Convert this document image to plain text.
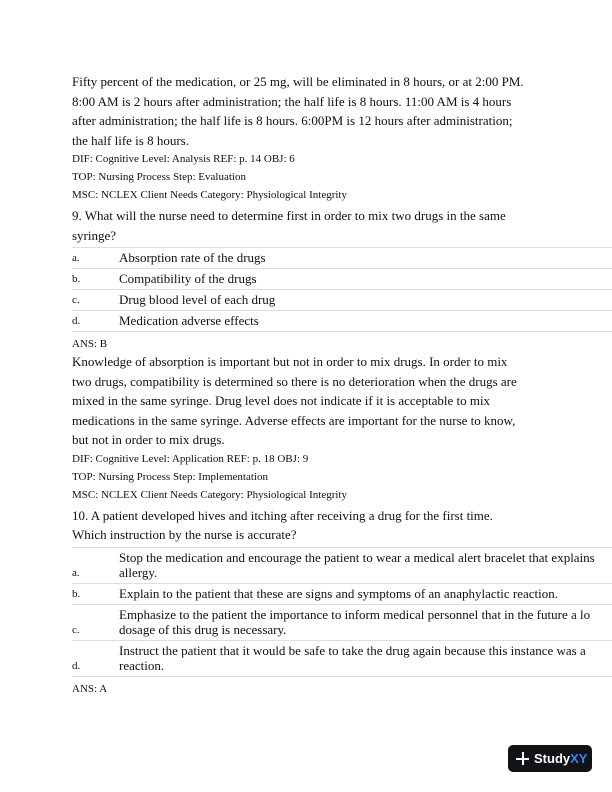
Fifty percent of the medication, or 25 mg, will be eliminated in 8 hours, or at 2:00 PM.
8:00 AM is 2 hours after administration; the half life is 8 hours. 11:00 AM is 4 hours
after administration; the half life is 8 hours. 6:00PM is 12 hours after administration;
the half life is 8 hours.

DIF: Cognitive Level: Analysis REF: p. 14 OBJ: 6
TOP: Nursing Process Step: Evaluation
MSC: NCLEX Client Needs Category: Physiological Integrity

9. What will the nurse need to determine first in order to mix two drugs in the same
syringe?

a.	Absorption rate of the drugs
b.	Compatibility of the drugs
c.	Drug blood level of each drug
d.	Medication adverse effects
ANS: B

Knowledge of absorption is important but not in order to mix drugs. In order to mix
two drugs, compatibility is determined so there is no deterioration when the drugs are
mixed in the same syringe. Drug level does not indicate if it is acceptable to mix
medications in the same syringe. Adverse effects are important for the nurse to know,
but not in order to mix drugs.

DIF: Cognitive Level: Application REF: p. 18 OBJ: 9
TOP: Nursing Process Step: Implementation
MSC: NCLEX Client Needs Category: Physiological Integrity

10. A patient developed hives and itching after receiving a drug for the first time.
Which instruction by the nurse is accurate?

a.	Stop the medication and encourage the patient to wear a medical alert bracelet that explains
allergy.
b.	Explain to the patient that these are signs and symptoms of an anaphylactic reaction.
c.	Emphasize to the patient the importance to inform medical personnel that in the future a lo
dosage of this drug is necessary.
d.	Instruct the patient that it would be safe to take the drug again because this instance was a
reaction.
ANS: A
Study XY
